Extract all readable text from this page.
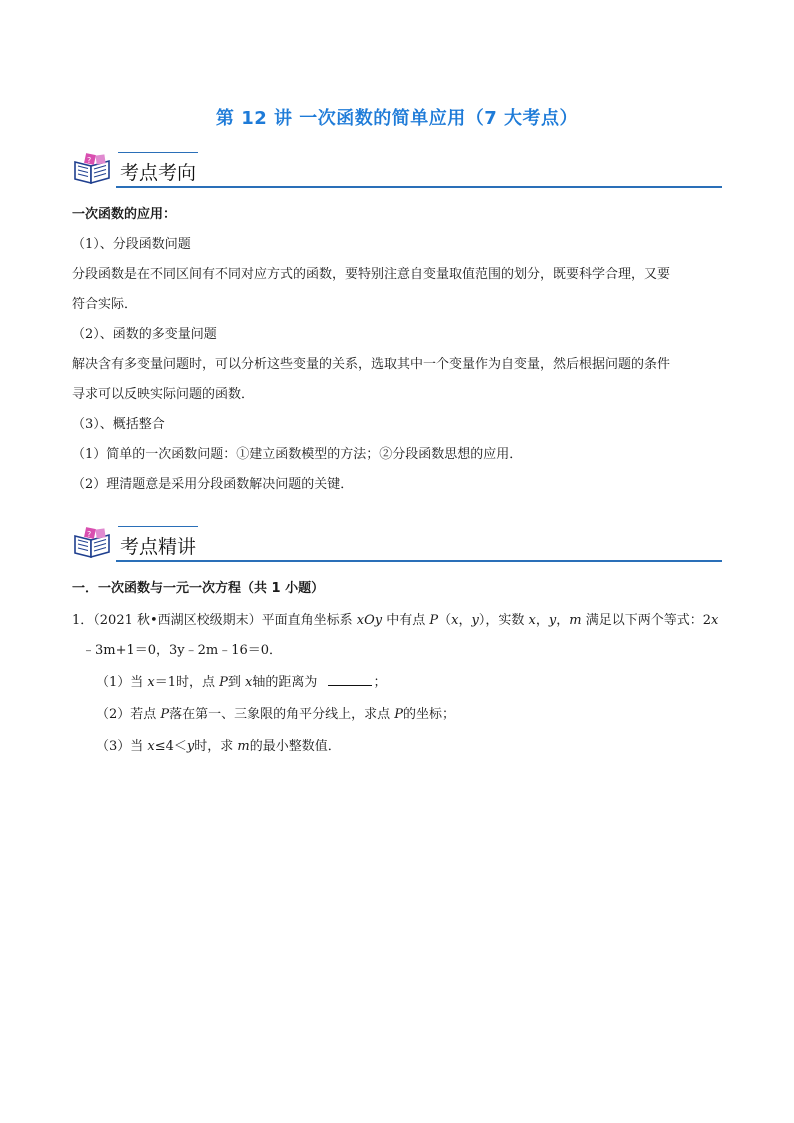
第 12 讲 一次函数的简单应用（7 大考点）
?
考点考向
一次函数的应用：
（1）、分段函数问题
分段函数是在不同区间有不同对应方式的函数，要特别注意自变量取值范围的划分，既要科学合理，又要
符合实际．
（2）、函数的多变量问题
解决含有多变量问题时，可以分析这些变量的关系，选取其中一个变量作为自变量，然后根据问题的条件
寻求可以反映实际问题的函数．
（3）、概括整合
（1）简单的一次函数问题：①建立函数模型的方法；②分段函数思想的应用．
（2）理清题意是采用分段函数解决问题的关键．
?
考点精讲
一．一次函数与一元一次方程（共 1 小题）
1．（2021 秋•西湖区校级期末）平面直角坐标系 xOy 中有点 P（x，y），实数 x，y，m 满足以下两个等式：2x
﹣3m+1＝0，3y﹣2m﹣16＝0．
（1）当 x＝1时，点 P到 x轴的距离为	；
（2）若点 P落在第一、三象限的角平分线上，求点 P的坐标；
（3）当 x≤4＜y时，求 m的最小整数值．
